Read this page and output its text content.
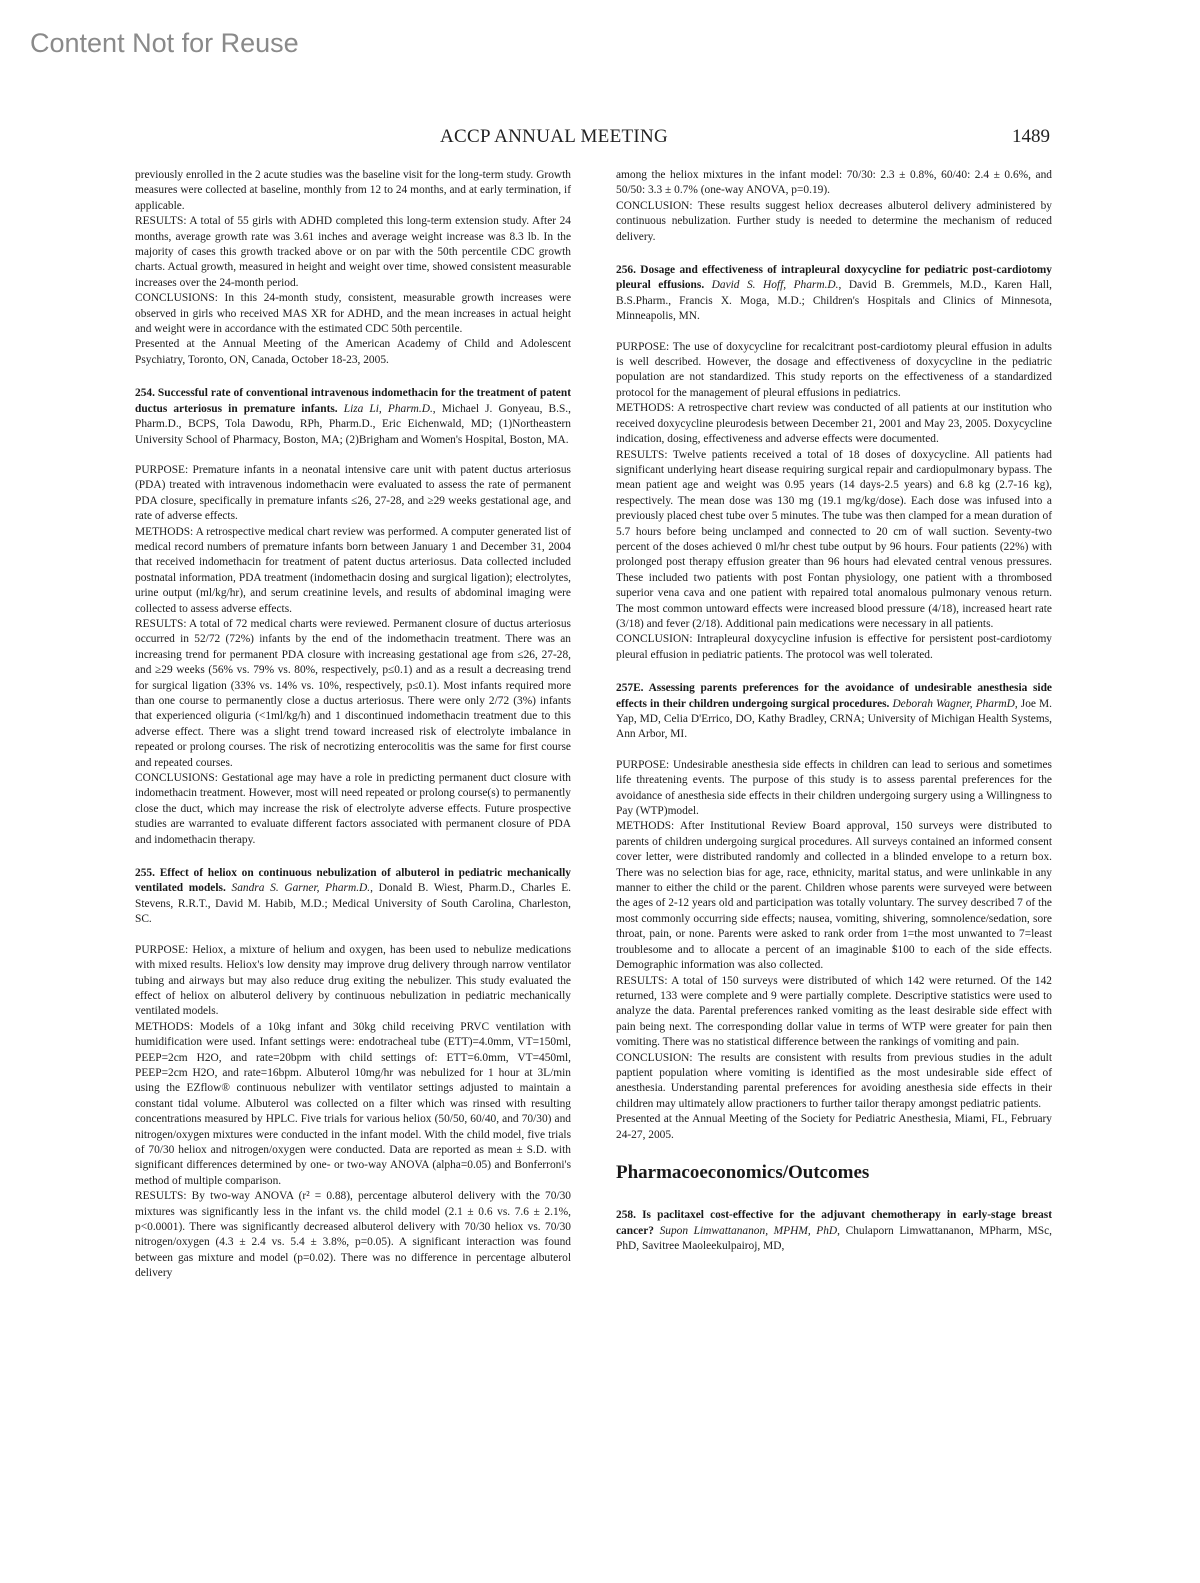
Content Not for Reuse
ACCP ANNUAL MEETING	1489

previously enrolled in the 2 acute studies was the baseline visit for the long-term study. Growth measures were collected at baseline, monthly from 12 to 24 months, and at early termination, if applicable.

RESULTS: A total of 55 girls with ADHD completed this long-term extension study. After 24 months, average growth rate was 3.61 inches and average weight increase was 8.3 lb. In the majority of cases this growth tracked above or on par with the 50th percentile CDC growth charts. Actual growth, measured in height and weight over time, showed consistent measurable increases over the 24-month period.

CONCLUSIONS: In this 24-month study, consistent, measurable growth increases were observed in girls who received MAS XR for ADHD, and the mean increases in actual height and weight were in accordance with the estimated CDC 50th percentile.

Presented at the Annual Meeting of the American Academy of Child and Adolescent Psychiatry, Toronto, ON, Canada, October 18-23, 2005.

254. Successful rate of conventional intravenous indomethacin for the treatment of patent ductus arteriosus in premature infants. Liza Li, Pharm.D., Michael J. Gonyeau, B.S., Pharm.D., BCPS, Tola Dawodu, RPh, Pharm.D., Eric Eichenwald, MD; (1)Northeastern University School of Pharmacy, Boston, MA; (2)Brigham and Women's Hospital, Boston, MA.

PURPOSE: Premature infants in a neonatal intensive care unit with patent ductus arteriosus (PDA) treated with intravenous indomethacin were evaluated to assess the rate of permanent PDA closure, specifically in premature infants ≤26, 27-28, and ≥29 weeks gestational age, and rate of adverse effects.

METHODS: A retrospective medical chart review was performed. A computer generated list of medical record numbers of premature infants born between January 1 and December 31, 2004 that received indomethacin for treatment of patent ductus arteriosus. Data collected included postnatal information, PDA treatment (indomethacin dosing and surgical ligation); electrolytes, urine output (ml/kg/hr), and serum creatinine levels, and results of abdominal imaging were collected to assess adverse effects.

RESULTS: A total of 72 medical charts were reviewed. Permanent closure of ductus arteriosus occurred in 52/72 (72%) infants by the end of the indomethacin treatment. There was an increasing trend for permanent PDA closure with increasing gestational age from ≤26, 27-28, and ≥29 weeks (56% vs. 79% vs. 80%, respectively, p≤0.1) and as a result a decreasing trend for surgical ligation (33% vs. 14% vs. 10%, respectively, p≤0.1). Most infants required more than one course to permanently close a ductus arteriosus. There were only 2/72 (3%) infants that experienced oliguria (<1ml/kg/h) and 1 discontinued indomethacin treatment due to this adverse effect. There was a slight trend toward increased risk of electrolyte imbalance in repeated or prolong courses. The risk of necrotizing enterocolitis was the same for first course and repeated courses.

CONCLUSIONS: Gestational age may have a role in predicting permanent duct closure with indomethacin treatment. However, most will need repeated or prolong course(s) to permanently close the duct, which may increase the risk of electrolyte adverse effects. Future prospective studies are warranted to evaluate different factors associated with permanent closure of PDA and indomethacin therapy.

255. Effect of heliox on continuous nebulization of albuterol in pediatric mechanically ventilated models. Sandra S. Garner, Pharm.D., Donald B. Wiest, Pharm.D., Charles E. Stevens, R.R.T., David M. Habib, M.D.; Medical University of South Carolina, Charleston, SC.

PURPOSE: Heliox, a mixture of helium and oxygen, has been used to nebulize medications with mixed results. Heliox's low density may improve drug delivery through narrow ventilator tubing and airways but may also reduce drug exiting the nebulizer. This study evaluated the effect of heliox on albuterol delivery by continuous nebulization in pediatric mechanically ventilated models.

METHODS: Models of a 10kg infant and 30kg child receiving PRVC ventilation with humidification were used. Infant settings were: endotracheal tube (ETT)=4.0mm, VT=150ml, PEEP=2cm H2O, and rate=20bpm with child settings of: ETT=6.0mm, VT=450ml, PEEP=2cm H2O, and rate=16bpm. Albuterol 10mg/hr was nebulized for 1 hour at 3L/min using the EZflow® continuous nebulizer with ventilator settings adjusted to maintain a constant tidal volume. Albuterol was collected on a filter which was rinsed with resulting concentrations measured by HPLC. Five trials for various heliox (50/50, 60/40, and 70/30) and nitrogen/oxygen mixtures were conducted in the infant model. With the child model, five trials of 70/30 heliox and nitrogen/oxygen were conducted. Data are reported as mean ± S.D. with significant differences determined by one- or two-way ANOVA (alpha=0.05) and Bonferroni's method of multiple comparison.

RESULTS: By two-way ANOVA (r² = 0.88), percentage albuterol delivery with the 70/30 mixtures was significantly less in the infant vs. the child model (2.1 ± 0.6 vs. 7.6 ± 2.1%, p<0.0001). There was significantly decreased albuterol delivery with 70/30 heliox vs. 70/30 nitrogen/oxygen (4.3 ± 2.4 vs. 5.4 ± 3.8%, p=0.05). A significant interaction was found between gas mixture and model (p=0.02). There was no difference in percentage albuterol delivery

among the heliox mixtures in the infant model: 70/30: 2.3 ± 0.8%, 60/40: 2.4 ± 0.6%, and 50/50: 3.3 ± 0.7% (one-way ANOVA, p=0.19).

CONCLUSION: These results suggest heliox decreases albuterol delivery administered by continuous nebulization. Further study is needed to determine the mechanism of reduced delivery.

256. Dosage and effectiveness of intrapleural doxycycline for pediatric post-cardiotomy pleural effusions. David S. Hoff, Pharm.D., David B. Gremmels, M.D., Karen Hall, B.S.Pharm., Francis X. Moga, M.D.; Children's Hospitals and Clinics of Minnesota, Minneapolis, MN.

PURPOSE: The use of doxycycline for recalcitrant post-cardiotomy pleural effusion in adults is well described. However, the dosage and effectiveness of doxycycline in the pediatric population are not standardized. This study reports on the effectiveness of a standardized protocol for the management of pleural effusions in pediatrics.

METHODS: A retrospective chart review was conducted of all patients at our institution who received doxycycline pleurodesis between December 21, 2001 and May 23, 2005. Doxycycline indication, dosing, effectiveness and adverse effects were documented.

RESULTS: Twelve patients received a total of 18 doses of doxycycline. All patients had significant underlying heart disease requiring surgical repair and cardiopulmonary bypass. The mean patient age and weight was 0.95 years (14 days-2.5 years) and 6.8 kg (2.7-16 kg), respectively. The mean dose was 130 mg (19.1 mg/kg/dose). Each dose was infused into a previously placed chest tube over 5 minutes. The tube was then clamped for a mean duration of 5.7 hours before being unclamped and connected to 20 cm of wall suction. Seventy-two percent of the doses achieved 0 ml/hr chest tube output by 96 hours. Four patients (22%) with prolonged post therapy effusion greater than 96 hours had elevated central venous pressures. These included two patients with post Fontan physiology, one patient with a thrombosed superior vena cava and one patient with repaired total anomalous pulmonary venous return. The most common untoward effects were increased blood pressure (4/18), increased heart rate (3/18) and fever (2/18). Additional pain medications were necessary in all patients.

CONCLUSION: Intrapleural doxycycline infusion is effective for persistent post-cardiotomy pleural effusion in pediatric patients. The protocol was well tolerated.

257E. Assessing parents preferences for the avoidance of undesirable anesthesia side effects in their children undergoing surgical procedures. Deborah Wagner, PharmD, Joe M. Yap, MD, Celia D'Errico, DO, Kathy Bradley, CRNA; University of Michigan Health Systems, Ann Arbor, MI.

PURPOSE: Undesirable anesthesia side effects in children can lead to serious and sometimes life threatening events. The purpose of this study is to assess parental preferences for the avoidance of anesthesia side effects in their children undergoing surgery using a Willingness to Pay (WTP)model.

METHODS: After Institutional Review Board approval, 150 surveys were distributed to parents of children undergoing surgical procedures. All surveys contained an informed consent cover letter, were distributed randomly and collected in a blinded envelope to a return box. There was no selection bias for age, race, ethnicity, marital status, and were unlinkable in any manner to either the child or the parent. Children whose parents were surveyed were between the ages of 2-12 years old and participation was totally voluntary. The survey described 7 of the most commonly occurring side effects; nausea, vomiting, shivering, somnolence/sedation, sore throat, pain, or none. Parents were asked to rank order from 1=the most unwanted to 7=least troublesome and to allocate a percent of an imaginable $100 to each of the side effects. Demographic information was also collected.

RESULTS: A total of 150 surveys were distributed of which 142 were returned. Of the 142 returned, 133 were complete and 9 were partially complete. Descriptive statistics were used to analyze the data. Parental preferences ranked vomiting as the least desirable side effect with pain being next. The corresponding dollar value in terms of WTP were greater for pain then vomiting. There was no statistical difference between the rankings of vomiting and pain.

CONCLUSION: The results are consistent with results from previous studies in the adult paptient population where vomiting is identified as the most undesirable side effect of anesthesia. Understanding parental preferences for avoiding anesthesia side effects in their children may ultimately allow practioners to further tailor therapy amongst pediatric patients.

Presented at the Annual Meeting of the Society for Pediatric Anesthesia, Miami, FL, February 24-27, 2005.

Pharmacoeconomics/Outcomes

258. Is paclitaxel cost-effective for the adjuvant chemotherapy in early-stage breast cancer? Supon Limwattananon, MPHM, PhD, Chulaporn Limwattananon, MPharm, MSc, PhD, Savitree Maoleekulpairoj, MD,
